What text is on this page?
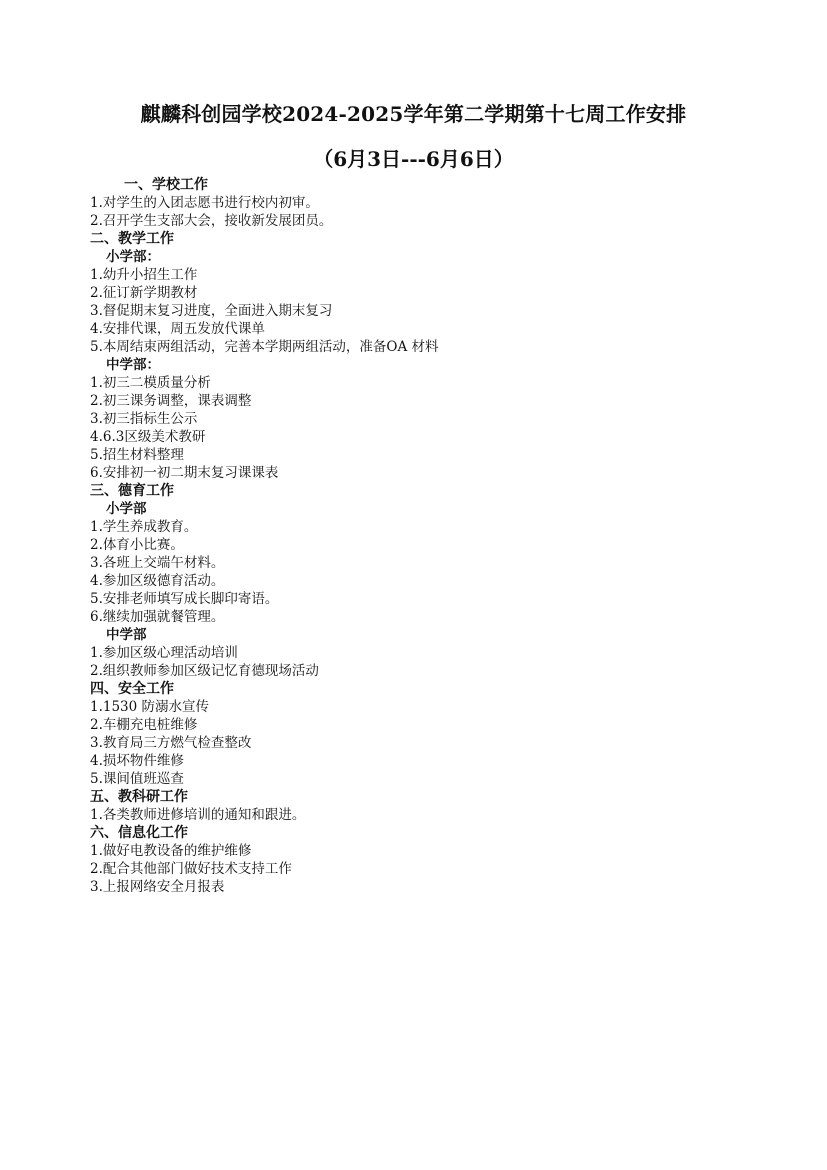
麒麟科创园学校2024-2025学年第二学期第十七周工作安排
（6月3日---6月6日）
一、学校工作
1.对学生的入团志愿书进行校内初审。
2.召开学生支部大会，接收新发展团员。
二、教学工作
小学部：
1.幼升小招生工作
2.征订新学期教材
3.督促期末复习进度，全面进入期末复习
4.安排代课，周五发放代课单
5.本周结束两组活动，完善本学期两组活动，准备OA 材料
中学部：
1.初三二模质量分析
2.初三课务调整，课表调整
3.初三指标生公示
4.6.3区级美术教研
5.招生材料整理
6.安排初一初二期末复习课课表
三、德育工作
小学部
1.学生养成教育。
2.体育小比赛。
3.各班上交端午材料。
4.参加区级德育活动。
5.安排老师填写成长脚印寄语。
6.继续加强就餐管理。
中学部
1.参加区级心理活动培训
2.组织教师参加区级记忆育德现场活动
四、安全工作
1.1530 防溺水宣传
2.车棚充电桩维修
3.教育局三方燃气检查整改
4.损坏物件维修
5.课间值班巡查
五、教科研工作
1.各类教师进修培训的通知和跟进。
六、信息化工作
1.做好电教设备的维护维修
2.配合其他部门做好技术支持工作
3.上报网络安全月报表
